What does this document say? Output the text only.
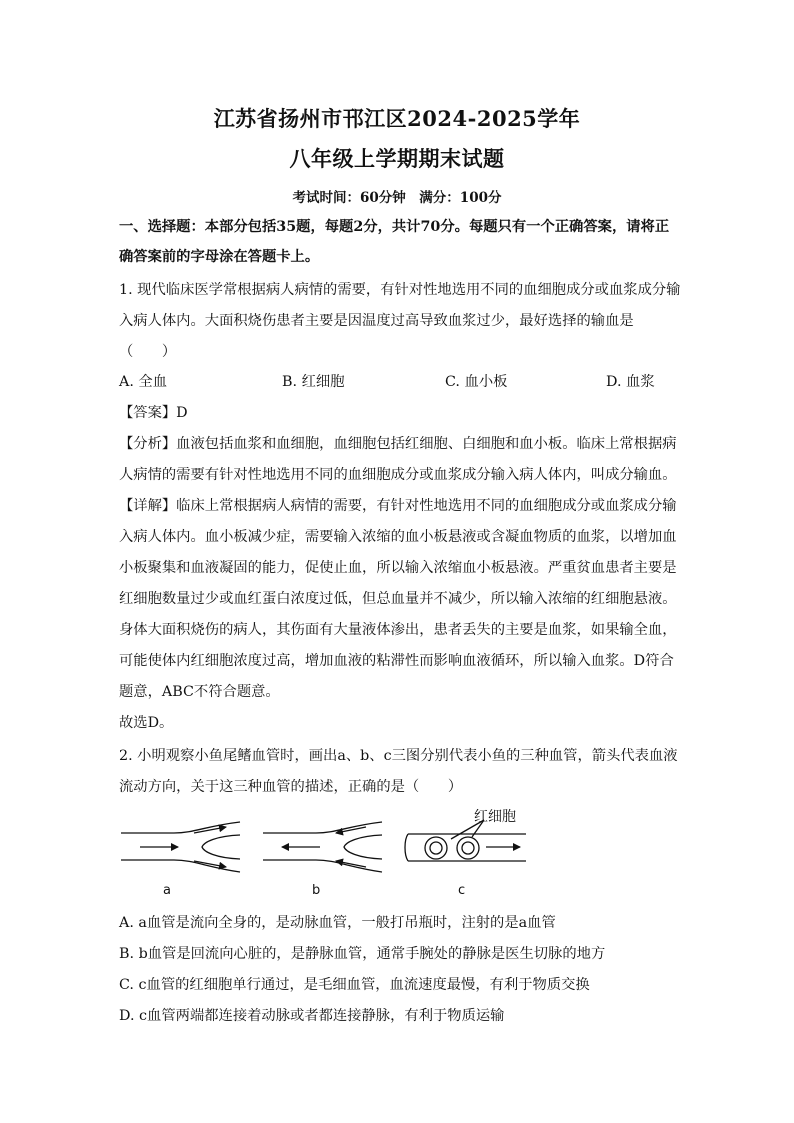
江苏省扬州市邗江区2024-2025学年
八年级上学期期末试题
考试时间：60分钟　满分：100分
一、选择题：本部分包括35题，每题2分，共计70分。每题只有一个正确答案，请将正
确答案前的字母涂在答题卡上。
1. 现代临床医学常根据病人病情的需要，有针对性地选用不同的血细胞成分或血浆成分输
入病人体内。大面积烧伤患者主要是因温度过高导致血浆过少，最好选择的输血是
（　　）
A. 全血	B. 红细胞	C. 血小板	D. 血浆
【答案】D
【分析】血液包括血浆和血细胞，血细胞包括红细胞、白细胞和血小板。临床上常根据病
人病情的需要有针对性地选用不同的血细胞成分或血浆成分输入病人体内，叫成分输血。
【详解】临床上常根据病人病情的需要，有针对性地选用不同的血细胞成分或血浆成分输
入病人体内。血小板减少症，需要输入浓缩的血小板悬液或含凝血物质的血浆，以增加血
小板聚集和血液凝固的能力，促使止血，所以输入浓缩血小板悬液。严重贫血患者主要是
红细胞数量过少或血红蛋白浓度过低，但总血量并不减少，所以输入浓缩的红细胞悬液。
身体大面积烧伤的病人，其伤面有大量液体渗出，患者丢失的主要是血浆，如果输全血，
可能使体内红细胞浓度过高，增加血液的粘滞性而影响血液循环，所以输入血浆。D符合
题意，ABC不符合题意。
故选D。
2. 小明观察小鱼尾鳍血管时，画出a、b、c三图分别代表小鱼的三种血管，箭头代表血液
流动方向，关于这三种血管的描述，正确的是（　　）
红细胞
a	b	c
A. a血管是流向全身的，是动脉血管，一般打吊瓶时，注射的是a血管
B. b血管是回流向心脏的，是静脉血管，通常手腕处的静脉是医生切脉的地方
C. c血管的红细胞单行通过，是毛细血管，血流速度最慢，有利于物质交换
D. c血管两端都连接着动脉或者都连接静脉，有利于物质运输
